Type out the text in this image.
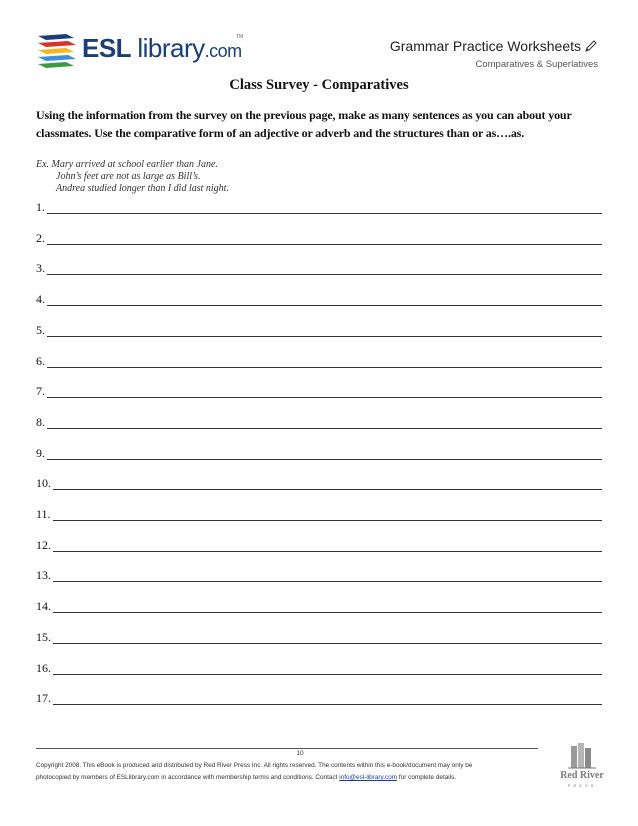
ESL library.com
TM
Grammar Practice Worksheets
Comparatives & Superlatives
Class Survey - Comparatives
Using the information from the survey on the previous page, make as many sentences as you can about your classmates. Use the comparative form of an adjective or adverb and the structures than or as….as.
Ex. Mary arrived at school earlier than Jane.
John’s feet are not as large as Bill’s.
Andrea studied longer than I did last night.
1.
2.
3.
4.
5.
6.
7.
8.
9.
10.
11.
12.
13.
14.
15.
16.
17.
10
Copyright 2008. This eBook is produced and distributed by Red River Press Inc. All rights reserved. The contents within this e-book/document may only be
photocopied by members of ESLlibrary.com in accordance with membership terms and conditions. Contact info@esl-library.com for complete details.	Red River
PRESS
